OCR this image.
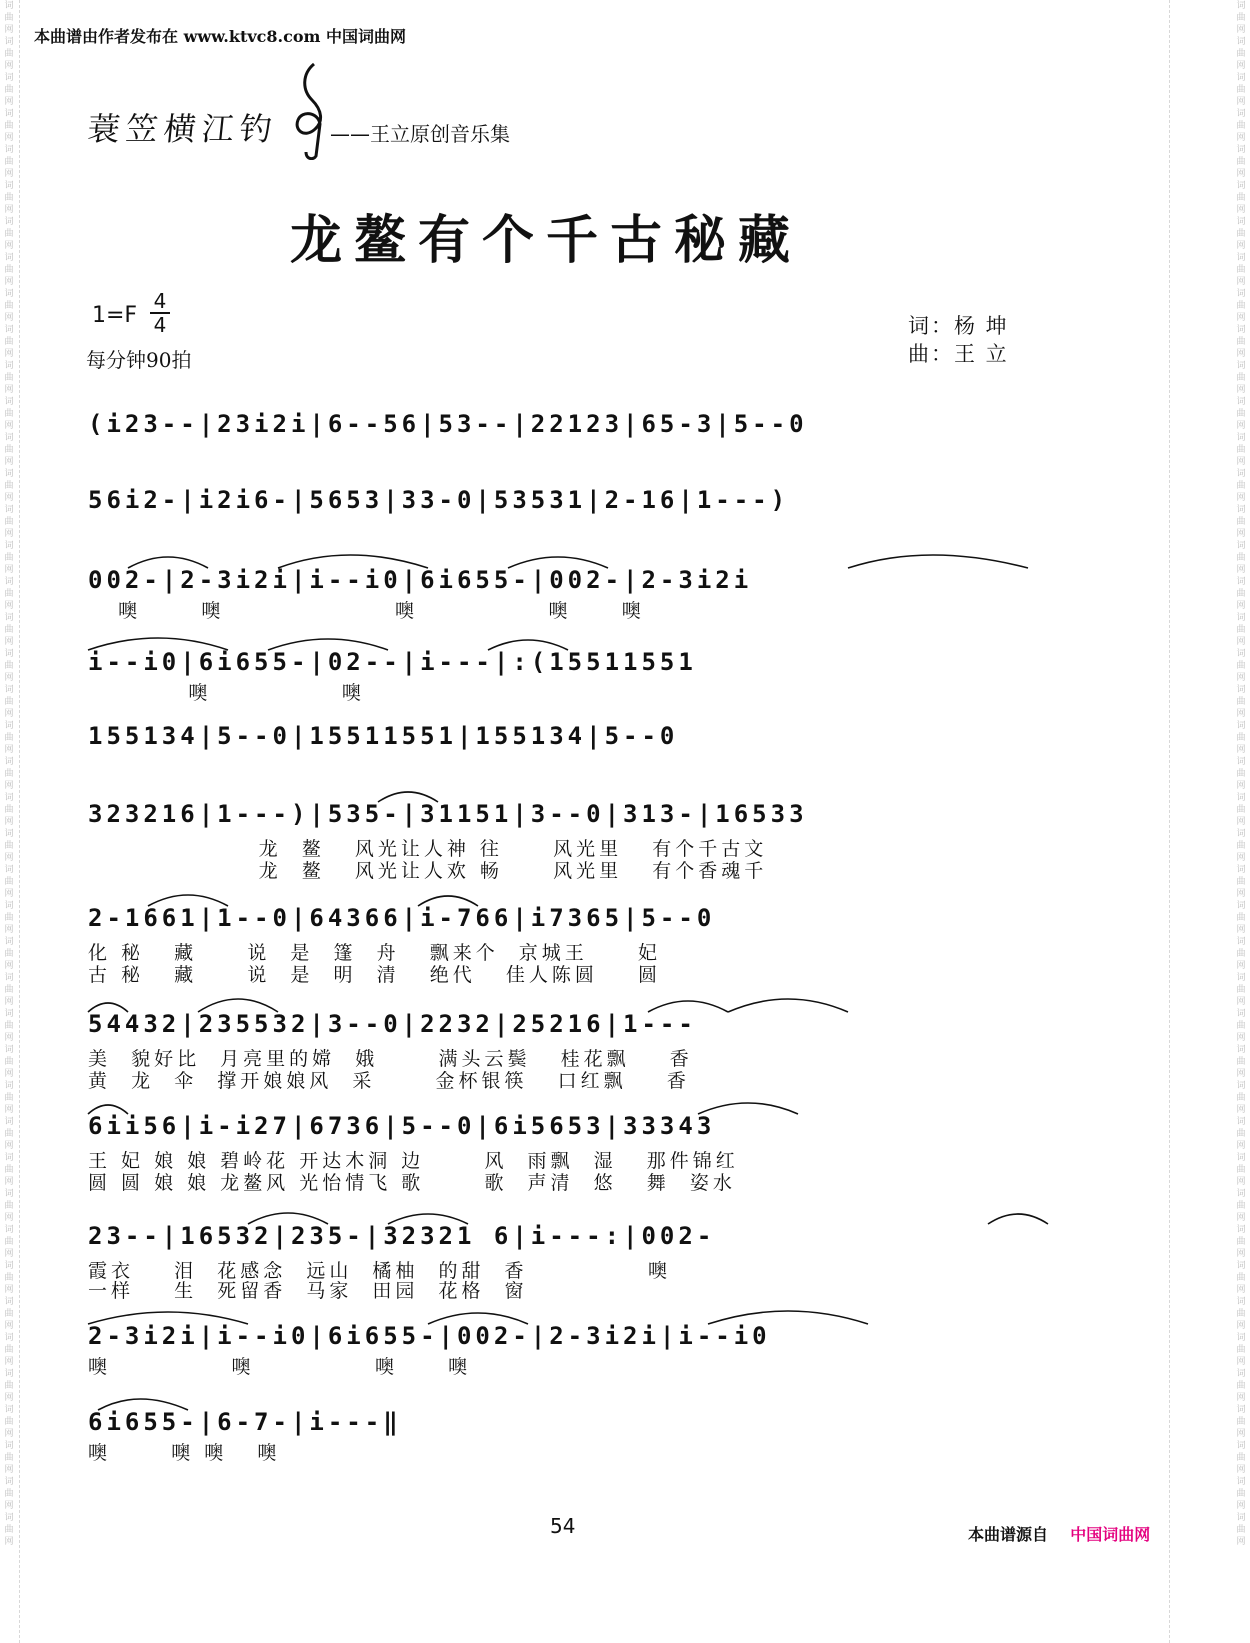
词曲网词曲网词曲网词曲网词曲网词曲网词曲网词曲网词曲网词曲网词曲网词曲网词曲网词曲网词曲网词曲网词曲网词曲网词曲网词曲网词曲网词曲网词曲网词曲网词曲网词曲网词曲网词曲网词曲网词曲网词曲网词曲网词曲网词曲网词曲网词曲网词曲网词曲网词曲网词曲网词曲网词曲网词曲网
词曲网词曲网词曲网词曲网词曲网词曲网词曲网词曲网词曲网词曲网词曲网词曲网词曲网词曲网词曲网词曲网词曲网词曲网词曲网词曲网词曲网词曲网词曲网词曲网词曲网词曲网词曲网词曲网词曲网词曲网词曲网词曲网词曲网词曲网词曲网词曲网词曲网词曲网词曲网词曲网词曲网词曲网词曲网
本曲谱由作者发布在 www.ktvc8.com 中国词曲网
蓑笠横江钓	——王立原创音乐集
龙鳌有个千古秘藏
$1=F \frac{4}{4}$
每分钟90拍
词：杨 坤
曲：王 立
(i23--|23i2i|6--56|53--|22123|65-3|5--0
56i2-|i2i6-|5653|33-0|53531|2-16|1---)
002-|2-3i2i|i--i0|6i655-|002-|2-3i2i
噢      噢                 噢             噢     噢
i--i0|6i655-|02--|i---|:(15511551
噢             噢
155134|5--0|15511551|155134|5--0
323216|1---)|535-|31151|3--0|313-|16533
龙  鳌   风光让人神 往     风光里   有个千古文
龙  鳌   风光让人欢 畅     风光里   有个香魂千
2-1661|1--0|64366|i-766|i7365|5--0
化 秘   藏     说  是  篷  舟   飘来个  京城王     妃
古 秘   藏     说  是  明  清   绝代   佳人陈圆    圆
54432|235532|3--0|2232|25216|1---
美  貌好比  月亮里的嫦  娥      满头云鬓   桂花飘    香
黄  龙  伞  撑开娘娘风  采      金杯银筷   口红飘    香
6ii56|i-i27|6736|5--0|6i5653|33343
王 妃 娘 娘 碧岭花 开达木洞 边      风  雨飘  湿   那件锦红
圆 圆 娘 娘 龙鳌风 光怡情飞 歌      歌  声清  悠   舞  姿水
23--|16532|235-|32321 6|i---:|002-
霞衣    泪  花感念  远山  橘柚  的甜  香            噢
一样    生  死留香  马家  田园  花格  窗
2-3i2i|i--i0|6i655-|002-|2-3i2i|i--i0
噢            噢            噢     噢
6i655-|6-7-|i---‖
噢      噢 噢   噢
54	本曲谱源自 中国词曲网
